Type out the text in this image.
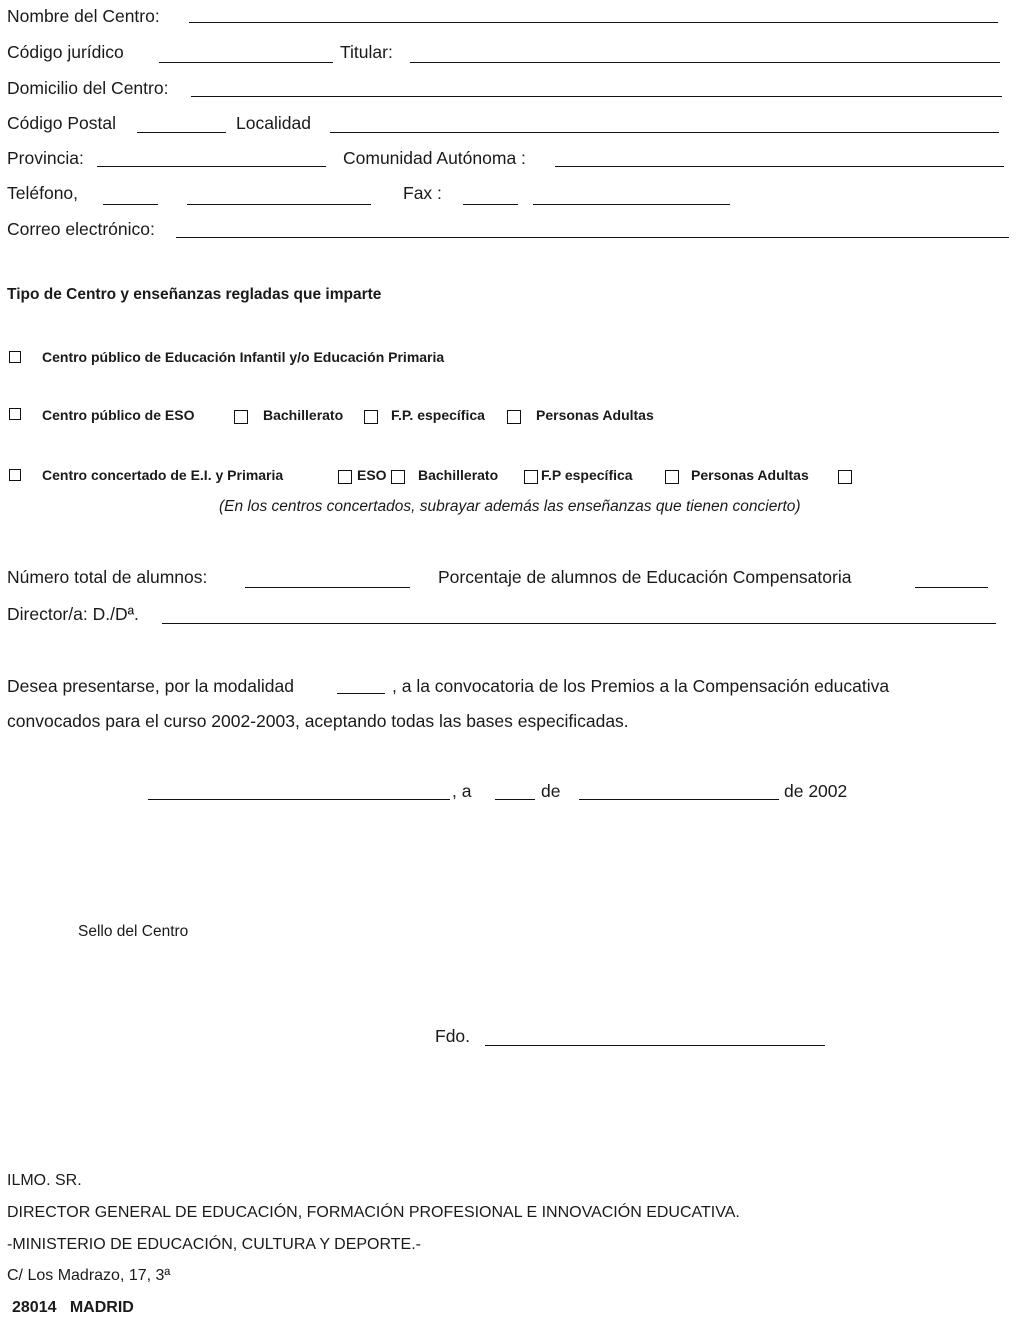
Nombre del Centro:
Código jurídico	Titular:
Domicilio del Centro:
Código Postal	Localidad
Provincia:	Comunidad Autónoma :
Teléfono,	Fax :
Correo electrónico:
Tipo de Centro y enseñanzas regladas que imparte
Centro público de Educación Infantil y/o Educación Primaria
Centro público de ESO	Bachillerato	F.P. específica	Personas Adultas
Centro concertado de E.I. y Primaria	ESO Bachillerato	F.P específica	Personas Adultas
(En los centros concertados, subrayar además las enseñanzas que tienen concierto)
Número total de alumnos:	Porcentaje de alumnos de Educación Compensatoria
Director/a: D./Dª.
Desea presentarse, por la modalidad	, a la convocatoria de los Premios a la Compensación educativa
convocados para el curso 2002-2003, aceptando todas las bases especificadas.
, a	de	de 2002
Sello del Centro
Fdo.
ILMO. SR.
DIRECTOR GENERAL DE EDUCACIÓN, FORMACIÓN PROFESIONAL E INNOVACIÓN EDUCATIVA.
-MINISTERIO DE EDUCACIÓN, CULTURA Y DEPORTE.-
C/ Los Madrazo, 17, 3ª
28014   MADRID
